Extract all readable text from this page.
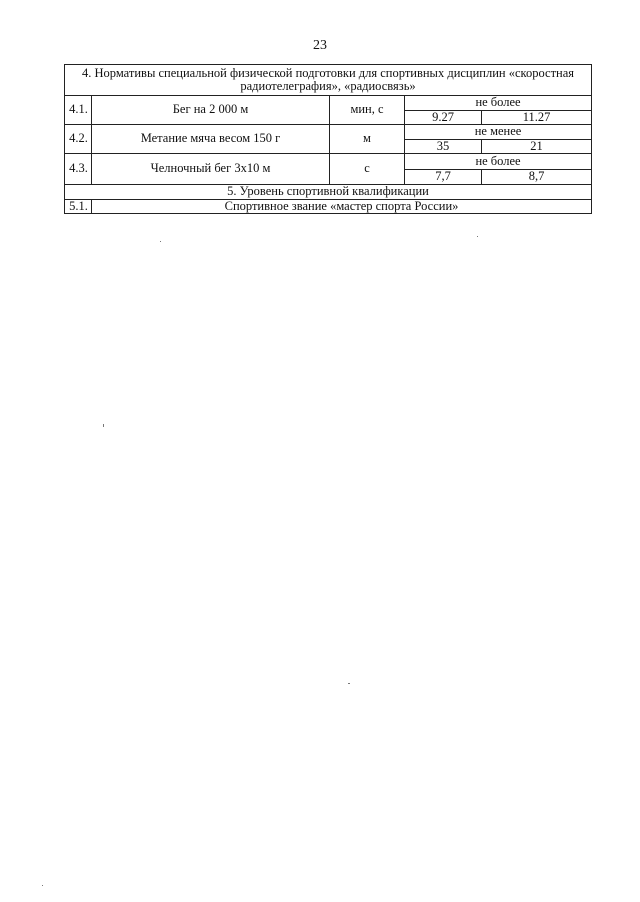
23
4. Нормативы специальной физической подготовки для спортивных дисциплин «скоростная радиотелеграфия», «радиосвязь»				
4.1.	Бег на 2 000 м	мин, с	не более	
			9.27	11.27
4.2.	Метание мяча весом 150 г	м	не менее	
			35	21
4.3.	Челночный бег 3х10 м	с	не более	
			7,7	8,7
5. Уровень спортивной квалификации				
5.1.	Спортивное звание «мастер спорта России»			
